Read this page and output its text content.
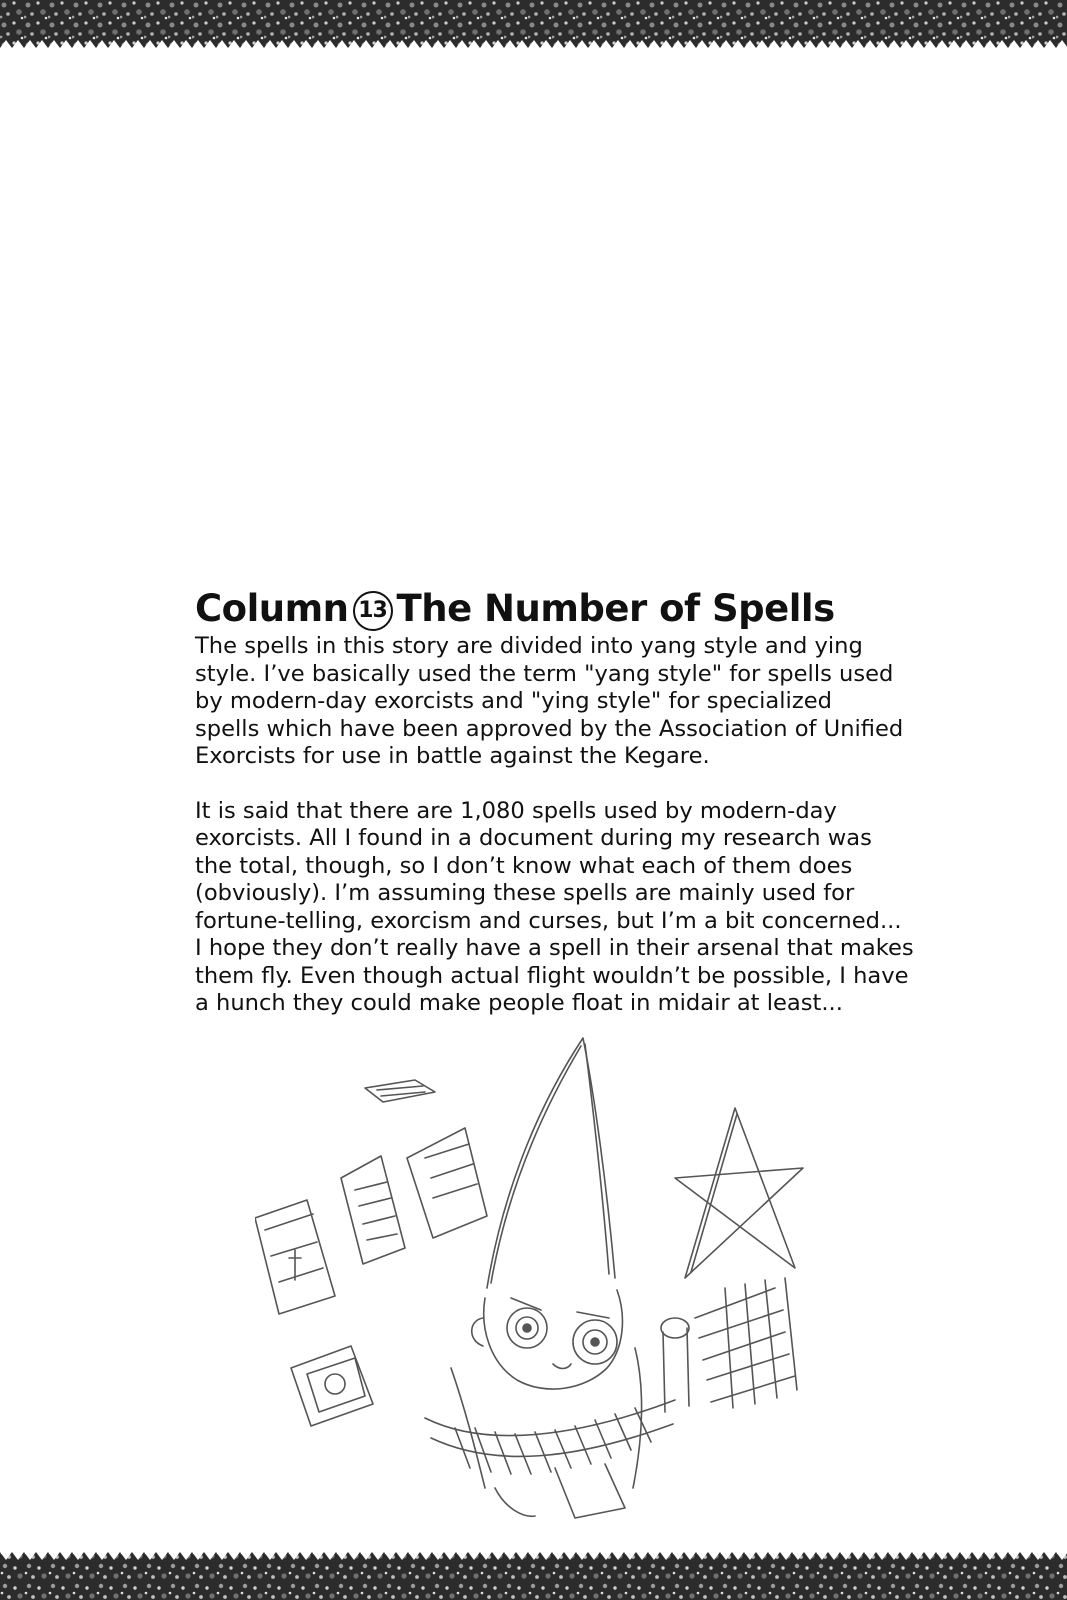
Column 13 The Number of Spells

The spells in this story are divided into yang style and ying
style. I’ve basically used the term "yang style" for spells used
by modern-day exorcists and "ying style" for specialized
spells which have been approved by the Association of Unified
Exorcists for use in battle against the Kegare.

It is said that there are 1,080 spells used by modern-day
exorcists. All I found in a document during my research was
the total, though, so I don’t know what each of them does
(obviously). I’m assuming these spells are mainly used for
fortune-telling, exorcism and curses, but I’m a bit concerned...
I hope they don’t really have a spell in their arsenal that makes
them fly. Even though actual flight wouldn’t be possible, I have
a hunch they could make people float in midair at least...
